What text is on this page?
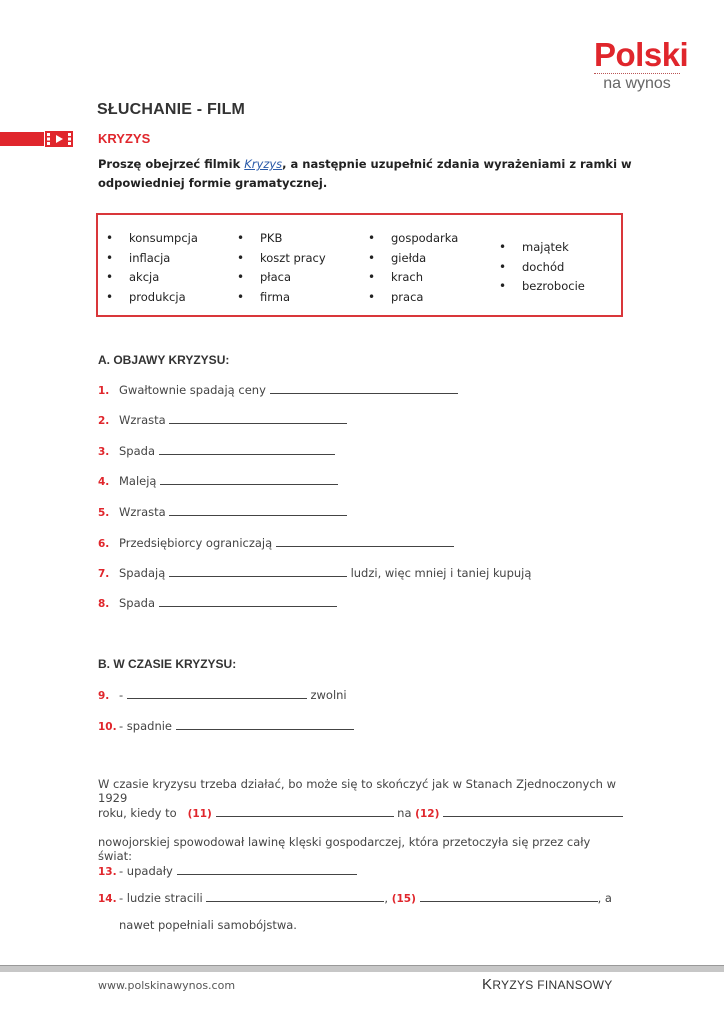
Polski
na wynos
SŁUCHANIE - FILM
KRYZYS
Proszę obejrzeć filmik Kryzys, a następnie uzupełnić zdania wyrażeniami z ramki w odpowiedniej formie gramatycznej.
• konsumpcja
• inflacja
• akcja
• produkcja
• PKB
• koszt pracy
• płaca
• firma
• gospodarka
• giełda
• krach
• praca
• majątek
• dochód
• bezrobocie
A. OBJAWY KRYZYSU:
1. Gwałtownie spadają ceny
2. Wzrasta
3. Spada
4. Maleją
5. Wzrasta
6. Przedsiębiorcy ograniczają
7. Spadają	ludzi, więc mniej i taniej kupują
8. Spada
B. W CZASIE KRYZYSU:
9. -	zwolni
10. - spadnie
W czasie kryzysu trzeba działać, bo może się to skończyć jak w Stanach Zjednoczonych w 1929
roku, kiedy to (11)	na (12)
nowojorskiej spowodował lawinę klęski gospodarczej, która przetoczyła się przez cały świat:
13. - upadały
14. - ludzie stracili	, (15)	, a
nawet popełniali samobójstwa.
www.polskinawynos.com	KRYZYS FINANSOWY
